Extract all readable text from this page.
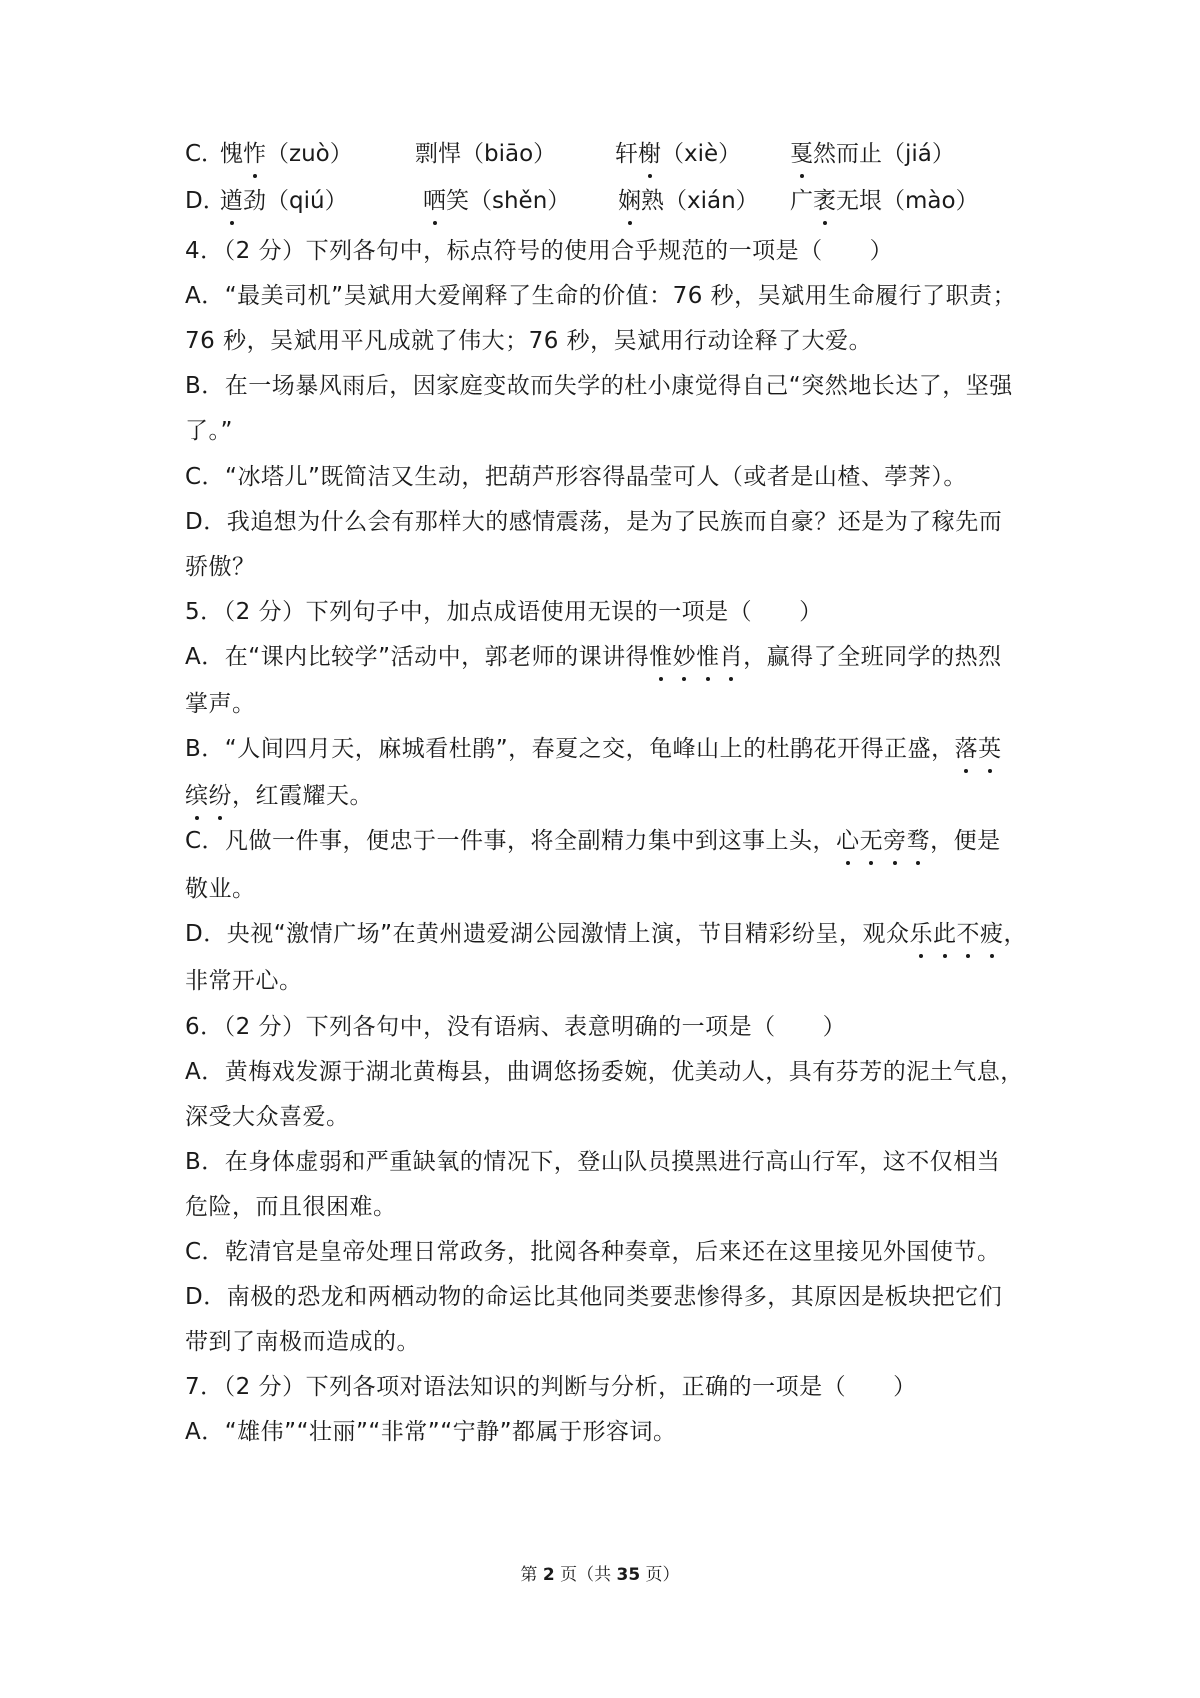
C．
愧怍（zuò）	剽悍（biāo）	轩榭（xiè） 戛然而止（jiá）
D．
遒劲（qiú）	哂笑（shěn） 娴熟（xián） 广袤无垠（mào）
4．（2 分）下列各句中，标点符号的使用合乎规范的一项是（　　）
A．“最美司机”吴斌用大爱阐释了生命的价值：76 秒，吴斌用生命履行了职责；
76 秒，吴斌用平凡成就了伟大；76 秒，吴斌用行动诠释了大爱。
B．在一场暴风雨后，因家庭变故而失学的杜小康觉得自己“突然地长达了，坚强
了。”
C．“冰塔儿”既简洁又生动，把葫芦形容得晶莹可人（或者是山楂、荸荠）。
D．我追想为什么会有那样大的感情震荡，是为了民族而自豪？还是为了稼先而
骄傲？
5．（2 分）下列句子中，加点成语使用无误的一项是（　　）
A．在“课内比较学”活动中，郭老师的课讲得惟妙惟肖，赢得了全班同学的热烈
掌声。
B．“人间四月天，麻城看杜鹃”，春夏之交，龟峰山上的杜鹃花开得正盛，落英
缤纷，红霞耀天。
C．凡做一件事，便忠于一件事，将全副精力集中到这事上头，心无旁骛，便是
敬业。
D．央视“激情广场”在黄州遗爱湖公园激情上演，节目精彩纷呈，观众乐此不疲，
非常开心。
6．（2 分）下列各句中，没有语病、表意明确的一项是（　　）
A．黄梅戏发源于湖北黄梅县，曲调悠扬委婉，优美动人，具有芬芳的泥土气息，
深受大众喜爱。
B．在身体虚弱和严重缺氧的情况下，登山队员摸黑进行高山行军，这不仅相当
危险，而且很困难。
C．乾清官是皇帝处理日常政务，批阅各种奏章，后来还在这里接见外国使节。
D．南极的恐龙和两栖动物的命运比其他同类要悲惨得多，其原因是板块把它们
带到了南极而造成的。
7．（2 分）下列各项对语法知识的判断与分析，正确的一项是（　　）
A．“雄伟”“壮丽”“非常”“宁静”都属于形容词。
第 2 页（共 35 页）
